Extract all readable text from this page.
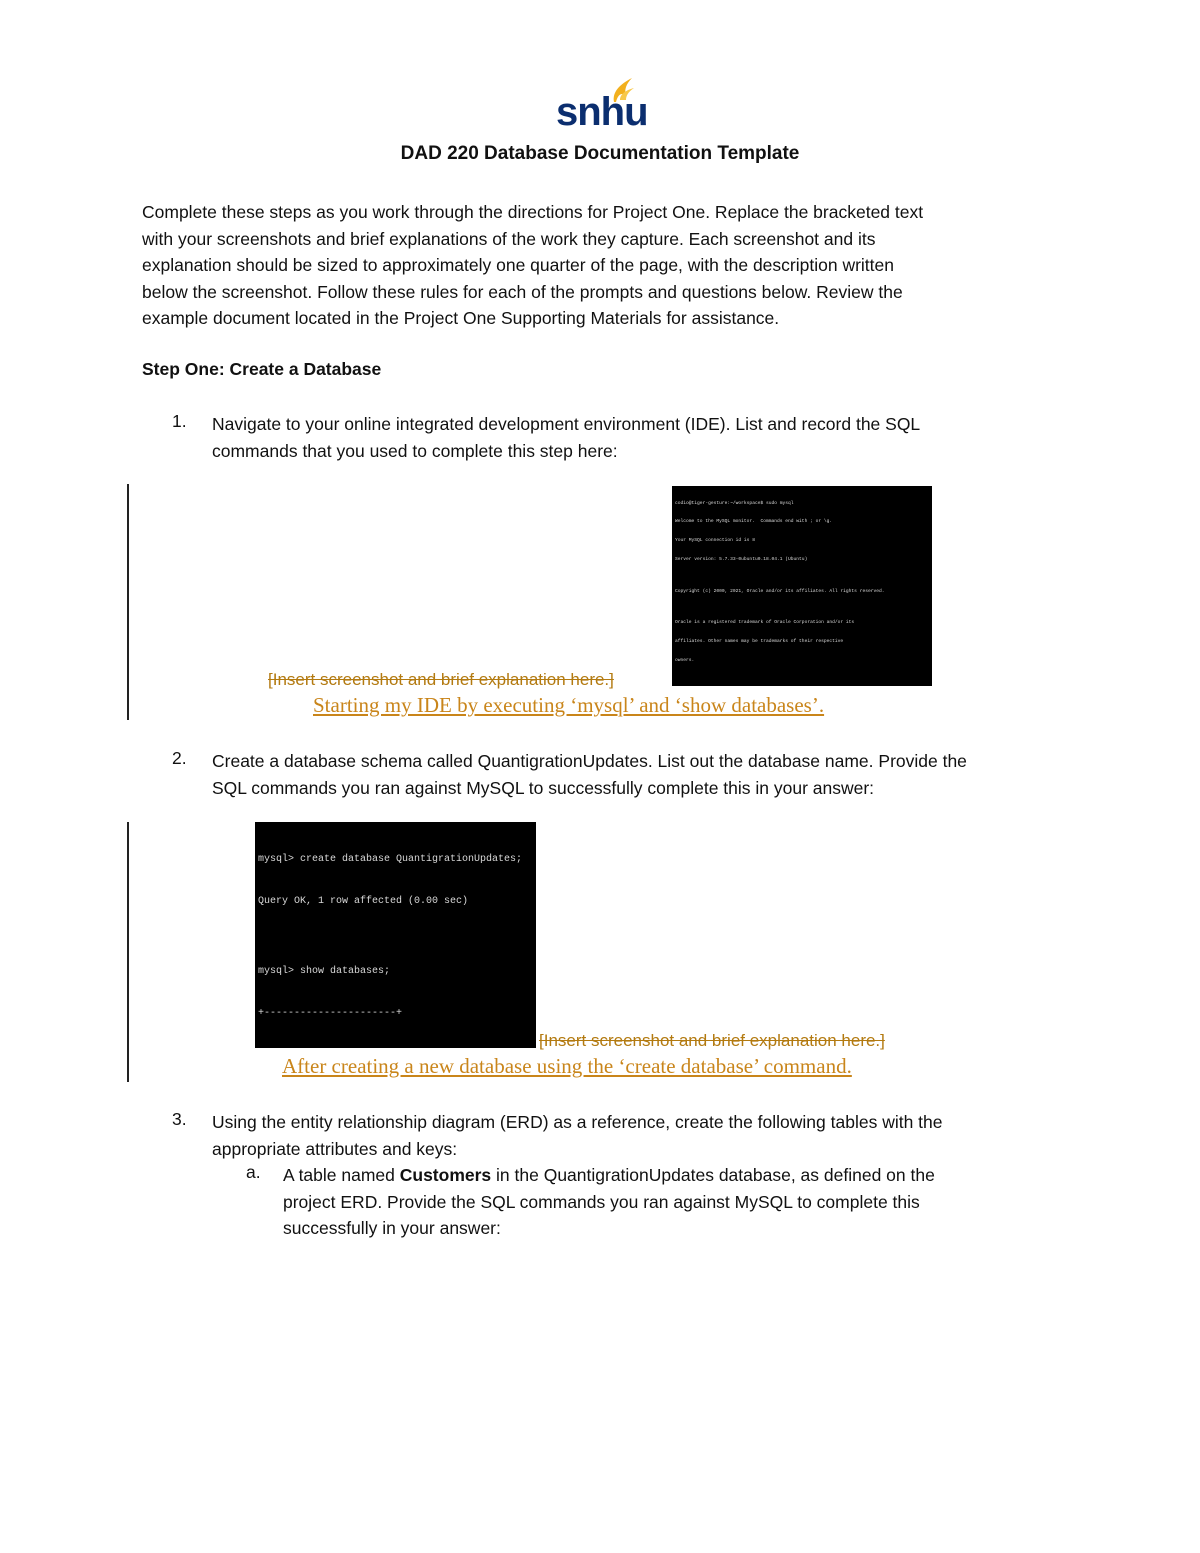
snhu
DAD 220 Database Documentation Template
Complete these steps as you work through the directions for Project One. Replace the bracketed text
with your screenshots and brief explanations of the work they capture. Each screenshot and its
explanation should be sized to approximately one quarter of the page, with the description written
below the screenshot. Follow these rules for each of the prompts and questions below. Review the
example document located in the Project One Supporting Materials for assistance.
Step One: Create a Database
1. Navigate to your online integrated development environment (IDE). List and record the SQL
commands that you used to complete this step here:

codio@tiger-gesture:~/workspace$ sudo mysql

Welcome to the MySQL monitor.  Commands end with ; or \g.

Your MySQL connection id is 8

Server version: 5.7.33-0ubuntu0.18.04.1 (Ubuntu)

Copyright (c) 2000, 2021, Oracle and/or its affiliates. All rights reserved.

Oracle is a registered trademark of Oracle Corporation and/or its

affiliates. Other names may be trademarks of their respective

owners.

[Insert screenshot and brief explanation here.]
Starting my IDE by executing ‘mysql’ and ‘show databases’.
2. Create a database schema called QuantigrationUpdates. List out the database name. Provide the
SQL commands you ran against MySQL to successfully complete this in your answer:

mysql> create database QuantigrationUpdates;

Query OK, 1 row affected (0.00 sec)

mysql> show databases;

+----------------------+

[Insert screenshot and brief explanation here.]
After creating a new database using the ‘create database’ command.
3. Using the entity relationship diagram (ERD) as a reference, create the following tables with the
appropriate attributes and keys:
a. A table named Customers in the QuantigrationUpdates database, as defined on the
project ERD. Provide the SQL commands you ran against MySQL to complete this
successfully in your answer:
